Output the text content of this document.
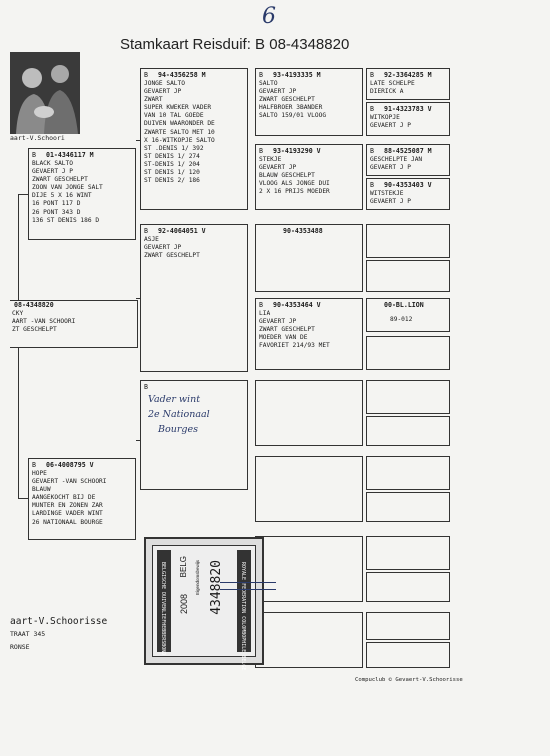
6
Stamkaart Reisduif: B 08-4348820
aart-V.Schoori
08-4348820
CKY
AART -VAN SCHOORI
ZT GESCHELPT
B 01-4346117 M
BLACK SALTO
GEVAERT J P
ZWART GESCHELPT
ZOON VAN JONGE SALT
DIJE 5 X 16 WINT
16 PONT 117 D
26 PONT 343 D
136 ST DENIS 186 D
B 06-4008795 V
HOPE
GEVAERT -VAN SCHOORI
BLAUW
AANGEKOCHT BIJ DE
MUNTER EN ZONEN ZAR
LARDINGE VADER WINT
26 NATIONAAL BOURGE
B 94-4356258 M
JONGE SALTO
GEVAERT JP
ZWART
SUPER KWEKER VADER
VAN 10 TAL GOEDE
DUIVEN WAARONDER DE
ZWARTE SALTO MET 10
X 16-WITKOPJE SALTO
ST .DENIS 1/ 392
ST DENIS 1/ 274
ST-DENIS 1/ 204
ST DENIS 1/ 120
ST DENIS 2/ 186
B 92-4064051 V
ASJE
GEVAERT JP
ZWART GESCHELPT
B
Vader wint
2e Nationaal
Bourges
B 93-4193335 M
SALTO
GEVAERT JP
ZWART GESCHELPT
HALFBROER 3BANDER
SALTO 159/01 VLOOG
B 93-4193290 V
STEKJE
GEVAERT JP
BLAUW GESCHELPT
VLOOG ALS JONGE DUI
2 X 16 PRIJS MOEDER
90-4353488
B 90-4353464 V
LIA
GEVAERT JP
ZWART GESCHELPT
MOEDER VAN DE
FAVORIET 214/93 MET
B 92-3364285 M
LATE SCHELPE
DIERICK A
B 91-4323783 V
WITKOPJE
GEVAERT J P
B 88-4525087 M
GESCHELPTE JAN
GEVAERT J P
B 90-4353403 V
WITSTEKJE
GEVAERT J P
00-BL.LION
89-012
BELGISCHE DUIVENLIEFHEBBERSBOND	ROYALE FEDERATION COLOMBOPHILE BELGE
2008
BELG Eigendomsbewijs 4348820
aart-V.Schoorisse
TRAAT 345
RONSE
Compuclub © Gevaert-V.Schoorisse
